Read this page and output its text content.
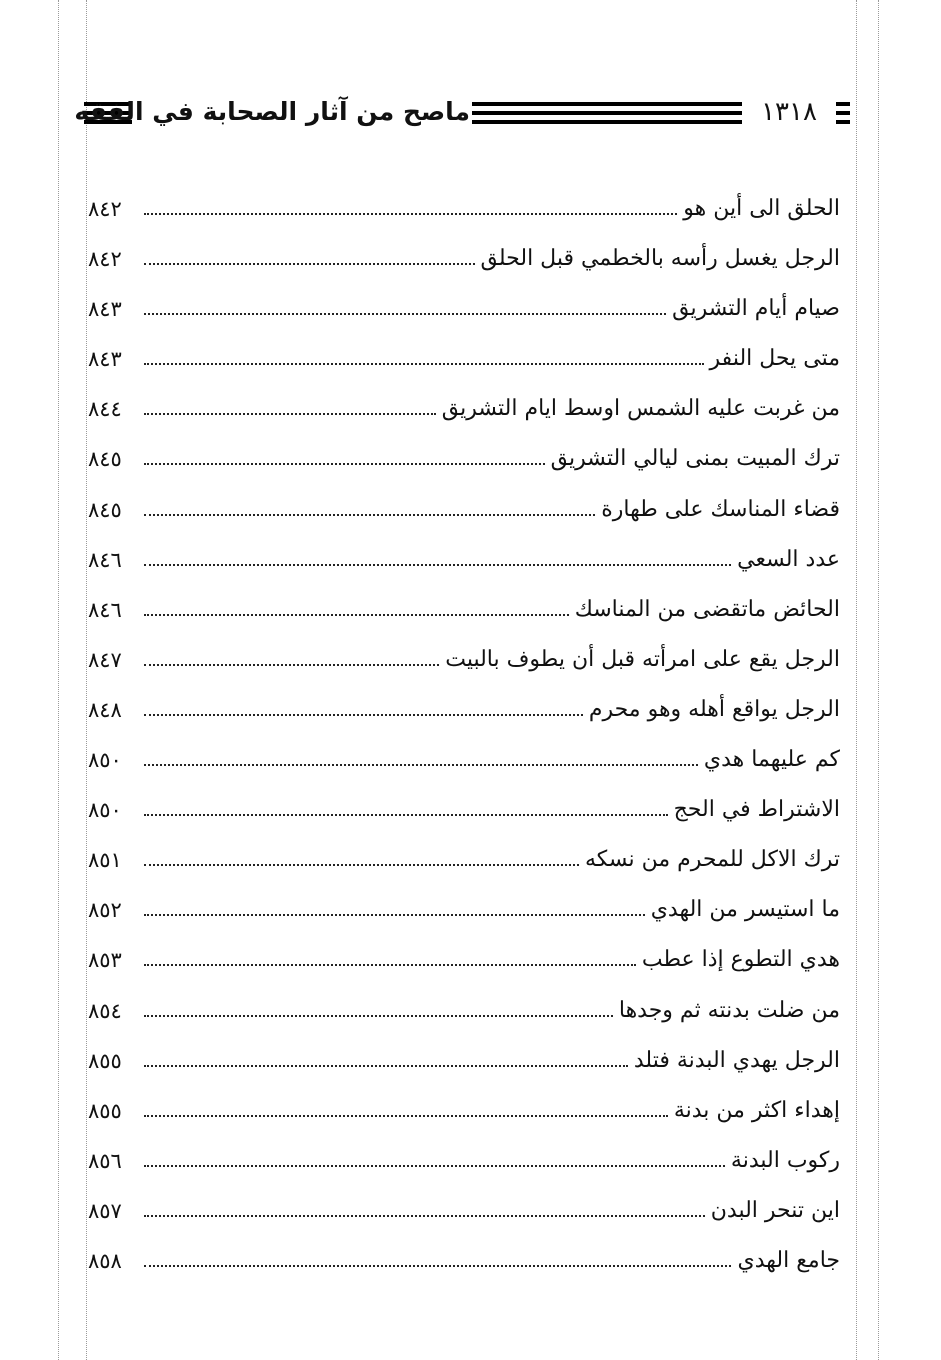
ماصح من آثار الصحابة في الفقه	١٣١٨
الحلق الى أين هو
٨٤٢
الرجل يغسل رأسه بالخطمي قبل الحلق
٨٤٢
صيام أيام التشريق
٨٤٣
متى يحل النفر
٨٤٣
من غربت عليه الشمس اوسط ايام التشريق
٨٤٤
ترك المبيت بمنى ليالي التشريق
٨٤٥
قضاء المناسك على طهارة
٨٤٥
عدد السعي
٨٤٦
الحائض ماتقضى من المناسك
٨٤٦
الرجل يقع على امرأته قبل أن يطوف بالبيت
٨٤٧
الرجل يواقع أهله وهو محرم
٨٤٨
كم عليهما هدي
٨٥٠
الاشتراط في الحج
٨٥٠
ترك الاكل للمحرم من نسكه
٨٥١
ما استيسر من الهدي
٨٥٢
هدي التطوع إذا عطب
٨٥٣
من ضلت بدنته ثم وجدها
٨٥٤
الرجل يهدي البدنة فتلد
٨٥٥
إهداء اكثر من بدنة
٨٥٥
ركوب البدنة
٨٥٦
اين تنحر البدن
٨٥٧
جامع الهدي
٨٥٨
